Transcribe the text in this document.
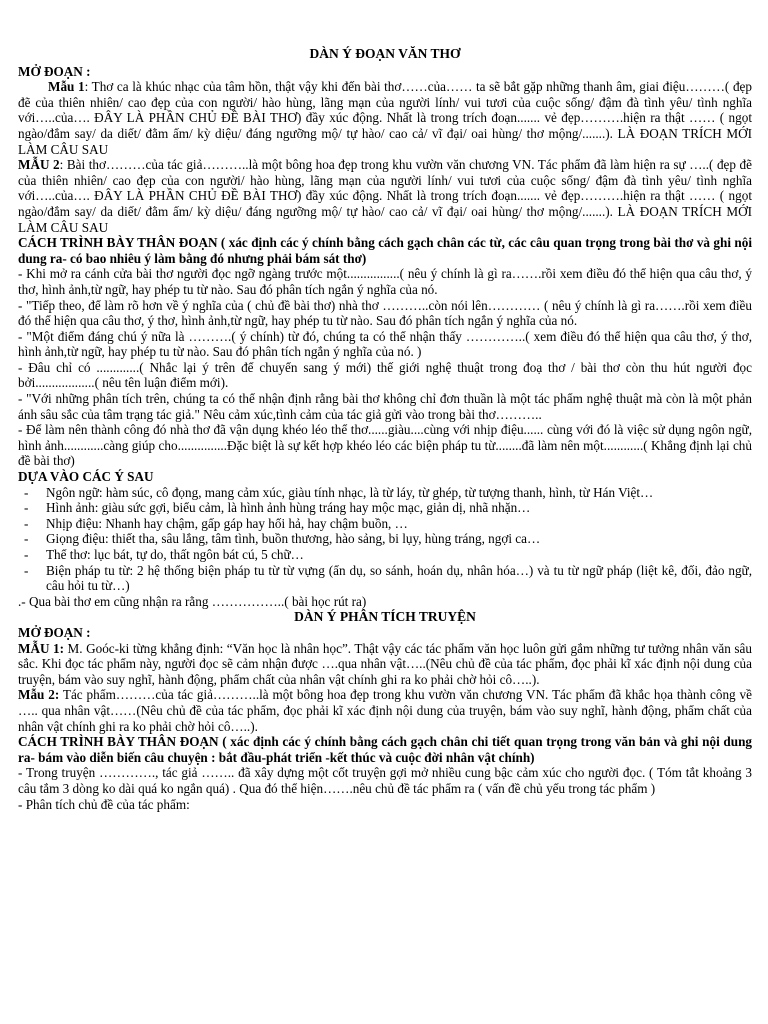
DÀN Ý ĐOẠN VĂN THƠ
MỞ ĐOẠN :

Mẫu 1: Thơ ca là khúc nhạc của tâm hồn, thật vậy khi đến bài thơ……của…… ta sẽ bắt gặp những thanh âm, giai điệu………( đẹp đẽ của thiên nhiên/ cao đẹp của con người/ hào hùng, lãng mạn của người lính/ vui tươi của cuộc sống/ đậm đà tình yêu/ tình nghĩa với…..của…. ĐÂY LÀ PHẦN CHỦ ĐỀ BÀI THƠ) đầy xúc động. Nhất là trong trích đoạn....... vẻ đẹp……….hiện ra thật …… ( ngọt ngào/đắm say/ da diết/ đằm ấm/ kỳ diệu/ đáng ngưỡng mộ/ tự hào/ cao cả/ vĩ đại/ oai hùng/ thơ mộng/.......). LÀ ĐOẠN TRÍCH MỚI LÀM CÂU SAU

MẪU 2: Bài thơ………của tác giả………..là một bông hoa đẹp trong khu vườn văn chương VN. Tác phẩm đã làm hiện ra sự …..( đẹp đẽ của thiên nhiên/ cao đẹp của con người/ hào hùng, lãng mạn của người lính/ vui tươi của cuộc sống/ đậm đà tình yêu/ tình nghĩa với…..của…. ĐÂY LÀ PHẦN CHỦ ĐỀ BÀI THƠ) đầy xúc động. Nhất là trong trích đoạn....... vẻ đẹp……….hiện ra thật …… ( ngọt ngào/đắm say/ da diết/ đằm ấm/ kỳ diệu/ đáng ngưỡng mộ/ tự hào/ cao cả/ vĩ đại/ oai hùng/ thơ mộng/.......). LÀ ĐOẠN TRÍCH MỚI LÀM CÂU SAU

CÁCH TRÌNH BÀY THÂN ĐOẠN ( xác định các ý chính bằng cách gạch chân các từ, các câu quan trọng trong bài thơ và ghi nội dung ra- có bao nhiêu ý làm bằng đó nhưng phải bám sát thơ)

- Khi mở ra cánh cửa bài thơ người đọc ngỡ ngàng trước một................( nêu ý chính là gì ra…….rồi xem điều đó thể hiện qua câu thơ, ý thơ, hình ảnh,từ ngữ, hay phép tu từ nào. Sau đó phân tích ngắn ý nghĩa của nó.

- "Tiếp theo, để làm rõ hơn về ý nghĩa của ( chủ đề bài thơ) nhà thơ ………..còn nói lên………… ( nêu ý chính là gì ra…….rồi xem điều đó thể hiện qua câu thơ, ý thơ, hình ảnh,từ ngữ, hay phép tu từ nào. Sau đó phân tích ngắn ý nghĩa của nó.

- "Một điểm đáng chú ý nữa là ……….( ý chính) từ đó, chúng ta có thể nhận thấy …………..( xem điều đó thể hiện qua câu thơ, ý thơ, hình ảnh,từ ngữ, hay phép tu từ nào. Sau đó phân tích ngắn ý nghĩa của nó. )

- Đâu chỉ có .............( Nhắc lại ý trên để chuyển sang ý mới) thế giới nghệ thuật trong đoạ thơ / bài thơ còn thu hút người đọc bởi..................( nêu tên luận điểm mới).

- "Với những phân tích trên, chúng ta có thể nhận định rằng bài thơ không chỉ đơn thuần là một tác phẩm nghệ thuật mà còn là một phản ánh sâu sắc của tâm trạng tác giả." Nêu cảm xúc,tình cảm của tác giả gửi vào trong bài thơ………..

- Để làm nên thành công đó nhà thơ đã vận dụng khéo léo thể thơ......giàu....cùng với nhịp điệu...... cùng với đó là việc sử dụng ngôn ngữ, hình ảnh............càng giúp cho...............Đặc biệt là sự kết hợp khéo léo các biện pháp tu từ........đã làm nên một............( Khẳng định lại chủ đề bài thơ)

DỰA VÀO CÁC Ý SAU
- Ngôn ngữ: hàm súc, cô đọng, mang cảm xúc, giàu tính nhạc, là từ láy, từ ghép, từ tượng thanh, hình, từ Hán Việt…
- Hình ảnh: giàu sức gợi, biểu cảm, là hình ảnh hùng tráng hay mộc mạc, giản dị, nhã nhặn…
- Nhịp điệu: Nhanh hay chậm, gấp gáp hay hối hả, hay chậm buồn, …
- Giọng điệu: thiết tha, sâu lắng, tâm tình, buồn thương, hào sảng, bi lụy, hùng tráng, ngợi ca…
- Thể thơ: lục bát, tự do, thất ngôn bát cú, 5 chữ…
- Biện pháp tu từ: 2 hệ thống biện pháp tu từ từ vựng (ẩn dụ, so sánh, hoán dụ, nhân hóa…) và tu từ ngữ pháp (liệt kê, đối, đảo ngữ, câu hỏi tu từ…)

.- Qua bài thơ em cũng nhận ra rằng ……………..( bài học rút ra)

DÀN Ý PHÂN TÍCH TRUYỆN
MỞ ĐOẠN :

MẪU 1: M. Goóc-ki từng khẳng định: “Văn học là nhân học”. Thật vậy các tác phẩm văn học luôn gửi gắm những tư tưởng nhân văn sâu sắc. Khi đọc tác phẩm này, người đọc sẽ cảm nhận được ….qua nhân vật…..(Nêu chủ đề của tác phẩm, đọc phải kĩ xác định nội dung của truyện, bám vào suy nghĩ, hành động, phẩm chất của nhân vật chính ghi ra ko phải chờ hỏi cô…..).

Mẫu 2: Tác phẩm………của tác giả………..là một bông hoa đẹp trong khu vườn văn chương VN. Tác phẩm đã khắc họa thành công về ….. qua nhân vật……(Nêu chủ đề của tác phẩm, đọc phải kĩ xác định nội dung của truyện, bám vào suy nghĩ, hành động, phẩm chất của nhân vật chính ghi ra ko phải chờ hỏi cô…..).

CÁCH TRÌNH BÀY THÂN ĐOẠN ( xác định các ý chính bằng cách gạch chân chi tiết quan trọng trong văn bản và ghi nội dung ra- bám vào diễn biến câu chuyện : bắt đầu-phát triển -kết thúc và cuộc đời nhân vật chính)

- Trong truyện …………., tác giả …….. đã xây dựng một cốt truyện gợi mở nhiều cung bậc cảm xúc cho người đọc. ( Tóm tắt khoảng 3 câu tắm 3 dòng ko dài quá ko ngắn quá) . Qua đó thể hiện…….nêu chủ đề tác phẩm ra ( vấn đề chủ yếu trong tác phẩm )

- Phân tích chủ đề của tác phẩm:
